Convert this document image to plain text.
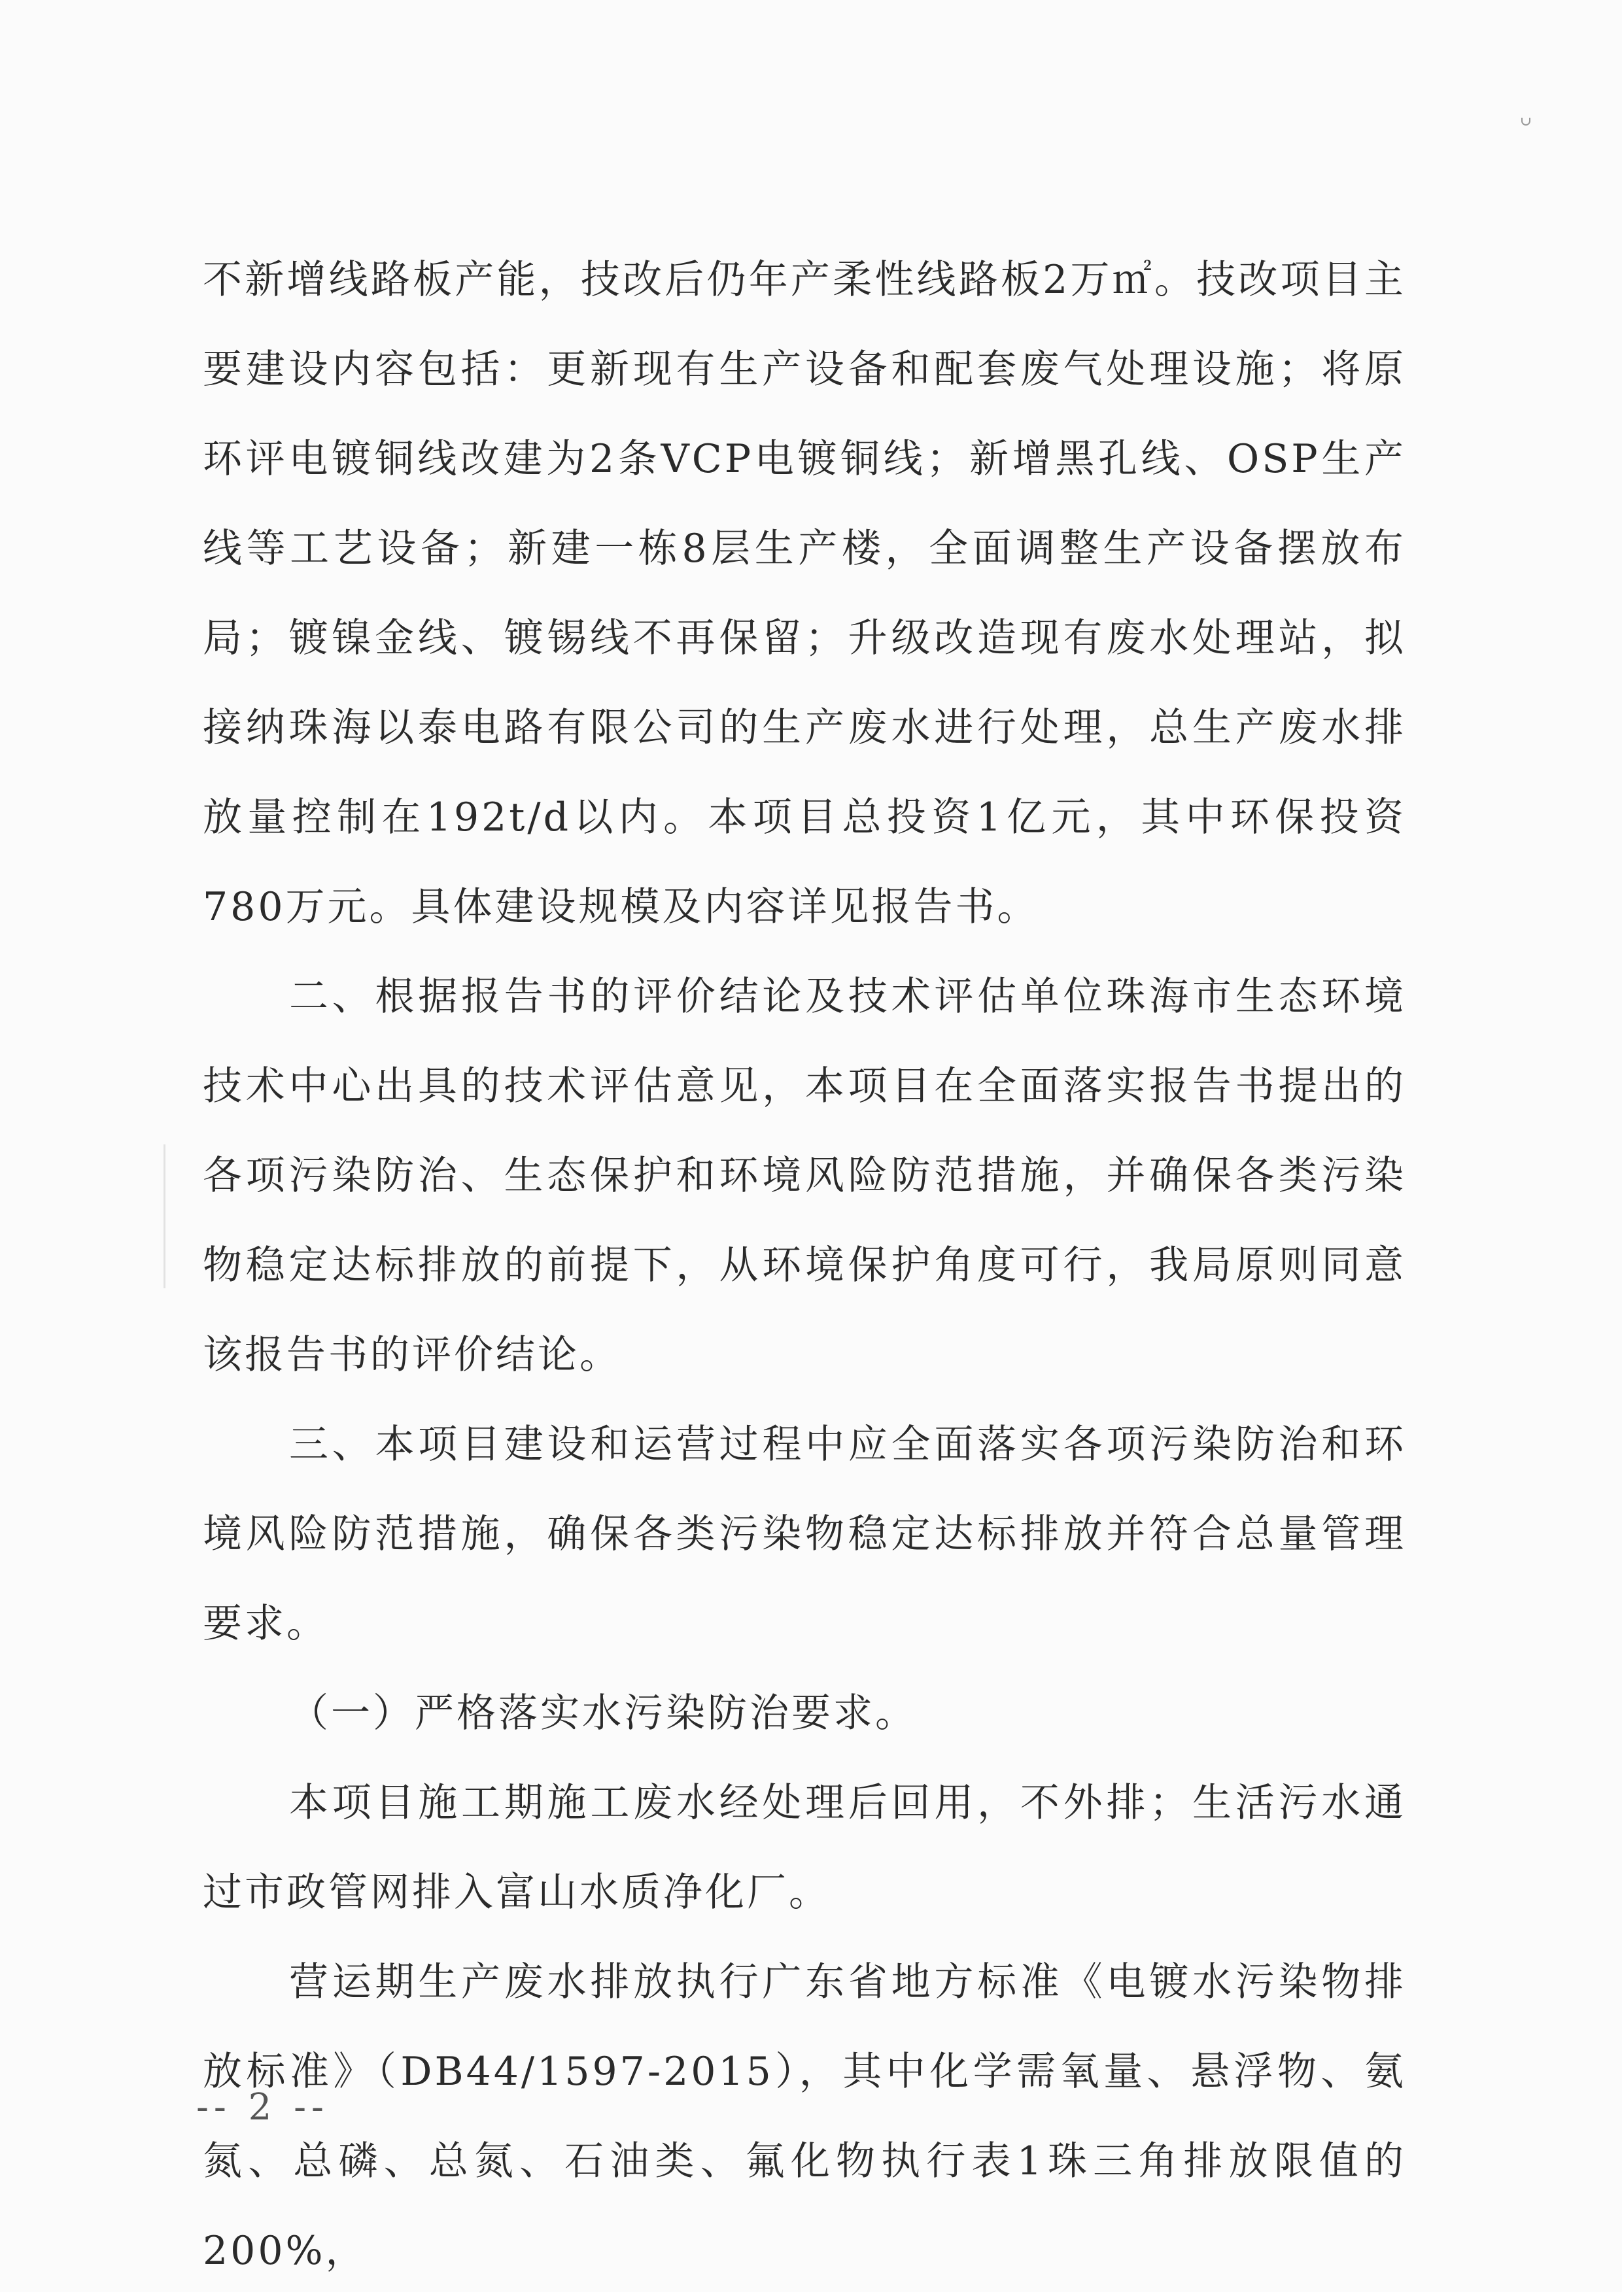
不新增线路板产能，技改后仍年产柔性线路板2万㎡。技改项目主要建设内容包括：更新现有生产设备和配套废气处理设施；将原环评电镀铜线改建为2条VCP电镀铜线；新增黑孔线、OSP生产线等工艺设备；新建一栋8层生产楼，全面调整生产设备摆放布局；镀镍金线、镀锡线不再保留；升级改造现有废水处理站，拟接纳珠海以泰电路有限公司的生产废水进行处理，总生产废水排放量控制在192t/d以内。本项目总投资1亿元，其中环保投资780万元。具体建设规模及内容详见报告书。

二、根据报告书的评价结论及技术评估单位珠海市生态环境技术中心出具的技术评估意见，本项目在全面落实报告书提出的各项污染防治、生态保护和环境风险防范措施，并确保各类污染物稳定达标排放的前提下，从环境保护角度可行，我局原则同意该报告书的评价结论。

三、本项目建设和运营过程中应全面落实各项污染防治和环境风险防范措施，确保各类污染物稳定达标排放并符合总量管理要求。

（一）严格落实水污染防治要求。

本项目施工期施工废水经处理后回用，不外排；生活污水通过市政管网排入富山水质净化厂。

营运期生产废水排放执行广东省地方标准《电镀水污染物排放标准》（DB44/1597-2015），其中化学需氧量、悬浮物、氨氮、总磷、总氮、石油类、氟化物执行表1珠三角排放限值的200%，

-- 2 --
